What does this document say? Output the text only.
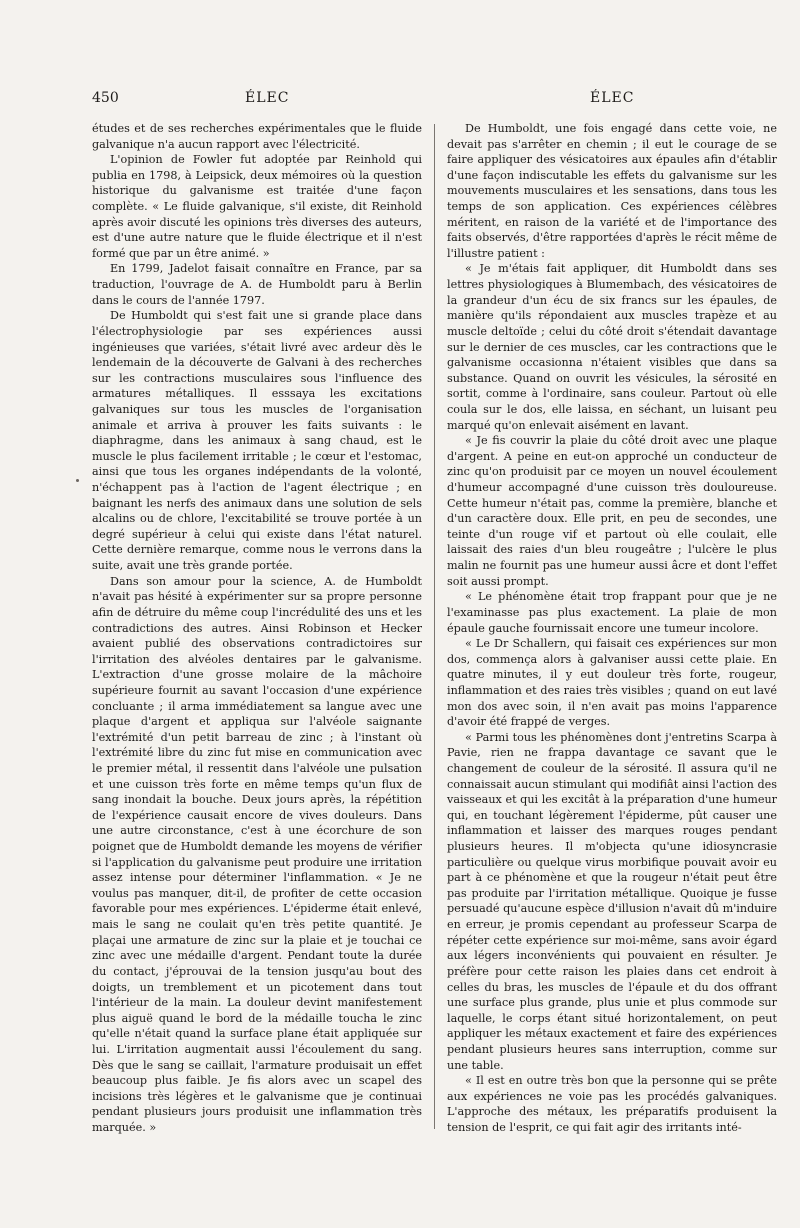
450	ÉLEC	ÉLEC

études et de ses recherches expérimentales que le fluide galvanique n'a aucun rapport avec l'électricité.

L'opinion de Fowler fut adoptée par Reinhold qui publia en 1798, à Leipsick, deux mémoires où la question historique du galvanisme est traitée d'une façon complète. « Le fluide galvanique, s'il existe, dit Reinhold après avoir discuté les opinions très diverses des auteurs, est d'une autre nature que le fluide électrique et il n'est formé que par un être animé. »

En 1799, Jadelot faisait connaître en France, par sa traduction, l'ouvrage de A. de Humboldt paru à Berlin dans le cours de l'année 1797.

De Humboldt qui s'est fait une si grande place dans l'électrophysiologie par ses expériences aussi ingénieuses que variées, s'était livré avec ardeur dès le lendemain de la découverte de Galvani à des recherches sur les contractions musculaires sous l'influence des armatures métalliques. Il esssaya les excitations galvaniques sur tous les muscles de l'organisation animale et arriva à prouver les faits suivants : le diaphragme, dans les animaux à sang chaud, est le muscle le plus facilement irritable ; le cœur et l'estomac, ainsi que tous les organes indépendants de la volonté, n'échappent pas à l'action de l'agent électrique ; en baignant les nerfs des animaux dans une solution de sels alcalins ou de chlore, l'excitabilité se trouve portée à un degré supérieur à celui qui existe dans l'état naturel. Cette dernière remarque, comme nous le verrons dans la suite, avait une très grande portée.

Dans son amour pour la science, A. de Humboldt n'avait pas hésité à expérimenter sur sa propre personne afin de détruire du même coup l'incrédulité des uns et les contradictions des autres. Ainsi Robinson et Hecker avaient publié des observations contradictoires sur l'irritation des alvéoles dentaires par le galvanisme. L'extraction d'une grosse molaire de la mâchoire supérieure fournit au savant l'occasion d'une expérience concluante ; il arma immédiatement sa langue avec une plaque d'argent et appliqua sur l'alvéole saignante l'extrémité d'un petit barreau de zinc ; à l'instant où l'extrémité libre du zinc fut mise en communication avec le premier métal, il ressentit dans l'alvéole une pulsation et une cuisson très forte en même temps qu'un flux de sang inondait la bouche. Deux jours après, la répétition de l'expérience causait encore de vives douleurs. Dans une autre circonstance, c'est à une écorchure de son poignet que de Humboldt demande les moyens de vérifier si l'application du galvanisme peut produire une irritation assez intense pour déterminer l'inflammation. « Je ne voulus pas manquer, dit-il, de profiter de cette occasion favorable pour mes expériences. L'épiderme était enlevé, mais le sang ne coulait qu'en très petite quantité. Je plaçai une armature de zinc sur la plaie et je touchai ce zinc avec une médaille d'argent. Pendant toute la durée du contact, j'éprouvai de la tension jusqu'au bout des doigts, un tremblement et un picotement dans tout l'intérieur de la main. La douleur devint manifestement plus aiguë quand le bord de la médaille toucha le zinc qu'elle n'était quand la surface plane était appliquée sur lui. L'irritation augmentait aussi l'écoulement du sang. Dès que le sang se caillait, l'armature produisait un effet beaucoup plus faible. Je fis alors avec un scapel des incisions très légères et le galvanisme que je continuai pendant plusieurs jours produisit une inflammation très marquée. »

De Humboldt, une fois engagé dans cette voie, ne devait pas s'arrêter en chemin ; il eut le courage de se faire appliquer des vésicatoires aux épaules afin d'établir d'une façon indiscutable les effets du galvanisme sur les mouvements musculaires et les sensations, dans tous les temps de son application. Ces expériences célèbres méritent, en raison de la variété et de l'importance des faits observés, d'être rapportées d'après le récit même de l'illustre patient :

« Je m'étais fait appliquer, dit Humboldt dans ses lettres physiologiques à Blumembach, des vésicatoires de la grandeur d'un écu de six francs sur les épaules, de manière qu'ils répondaient aux muscles trapèze et au muscle deltoïde ; celui du côté droit s'étendait davantage sur le dernier de ces muscles, car les contractions que le galvanisme occasionna n'étaient visibles que dans sa substance. Quand on ouvrit les vésicules, la sérosité en sortit, comme à l'ordinaire, sans couleur. Partout où elle coula sur le dos, elle laissa, en séchant, un luisant peu marqué qu'on enlevait aisément en lavant.

« Je fis couvrir la plaie du côté droit avec une plaque d'argent. A peine en eut-on approché un conducteur de zinc qu'on produisit par ce moyen un nouvel écoulement d'humeur accompagné d'une cuisson très douloureuse. Cette humeur n'était pas, comme la première, blanche et d'un caractère doux. Elle prit, en peu de secondes, une teinte d'un rouge vif et partout où elle coulait, elle laissait des raies d'un bleu rougeâtre ; l'ulcère le plus malin ne fournit pas une humeur aussi âcre et dont l'effet soit aussi prompt.

« Le phénomène était trop frappant pour que je ne l'examinasse pas plus exactement. La plaie de mon épaule gauche fournissait encore une tumeur incolore.

« Le Dr Schallern, qui faisait ces expériences sur mon dos, commença alors à galvaniser aussi cette plaie. En quatre minutes, il y eut douleur très forte, rougeur, inflammation et des raies très visibles ; quand on eut lavé mon dos avec soin, il n'en avait pas moins l'apparence d'avoir été frappé de verges.

« Parmi tous les phénomènes dont j'entretins Scarpa à Pavie, rien ne frappa davantage ce savant que le changement de couleur de la sérosité. Il assura qu'il ne connaissait aucun stimulant qui modifiât ainsi l'action des vaisseaux et qui les excitât à la préparation d'une humeur qui, en touchant légèrement l'épiderme, pût causer une inflammation et laisser des marques rouges pendant plusieurs heures. Il m'objecta qu'une idiosyncrasie particulière ou quelque virus morbifique pouvait avoir eu part à ce phénomène et que la rougeur n'était peut être pas produite par l'irritation métallique. Quoique je fusse persuadé qu'aucune espèce d'illusion n'avait dû m'induire en erreur, je promis cependant au professeur Scarpa de répéter cette expérience sur moi-même, sans avoir égard aux légers inconvénients qui pouvaient en résulter. Je préfère pour cette raison les plaies dans cet endroit à celles du bras, les muscles de l'épaule et du dos offrant une surface plus grande, plus unie et plus commode sur laquelle, le corps étant situé horizontalement, on peut appliquer les métaux exactement et faire des expériences pendant plusieurs heures sans interruption, comme sur une table.

« Il est en outre très bon que la personne qui se prête aux expériences ne voie pas les procédés galvaniques. L'approche des métaux, les préparatifs produisent la tension de l'esprit, ce qui fait agir des irritants inté-
